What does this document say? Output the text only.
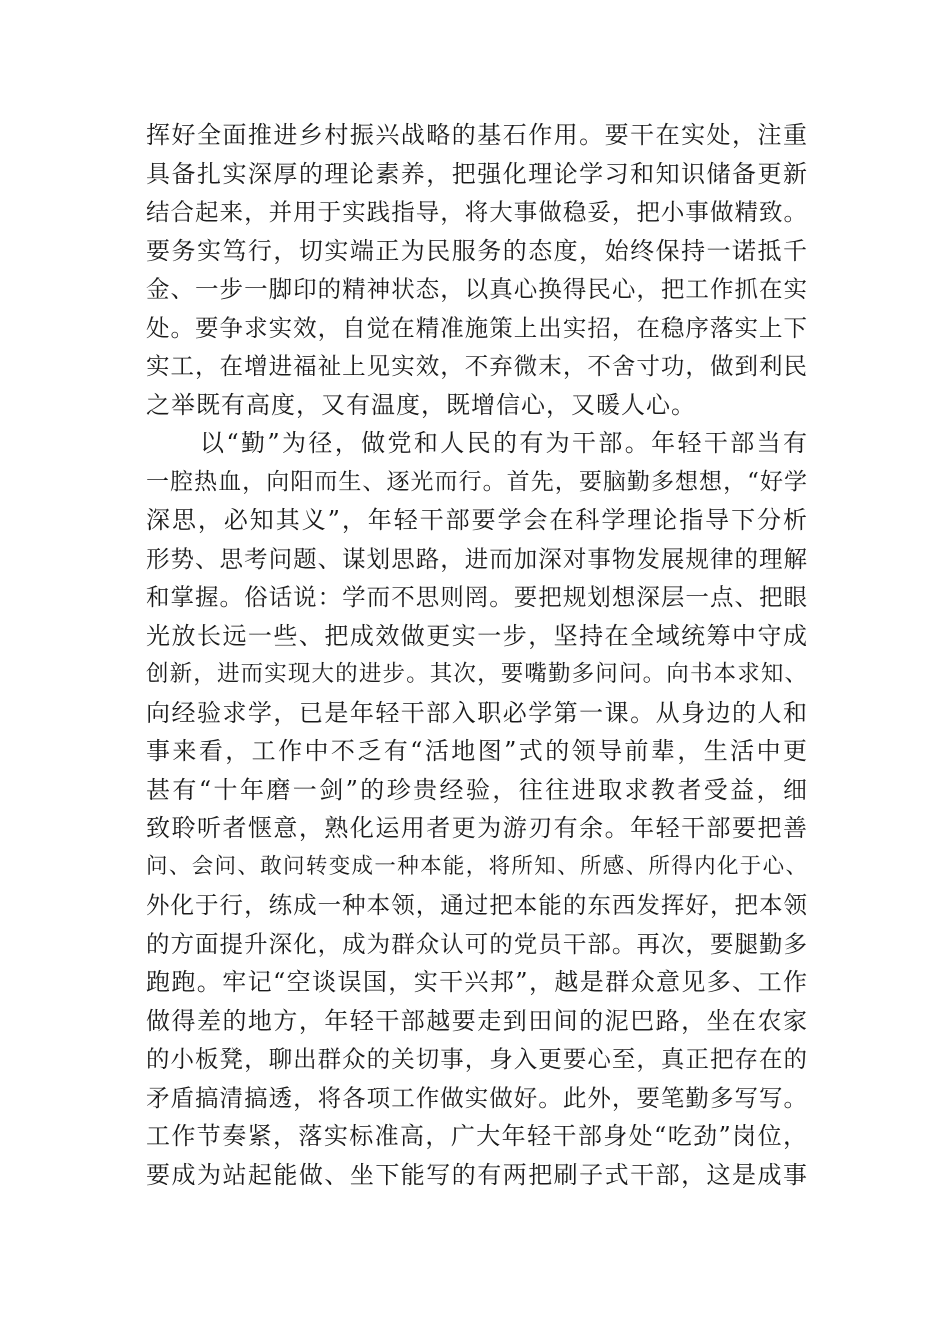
挥好全面推进乡村振兴战略的基石作用。要干在实处，注重
具备扎实深厚的理论素养，把强化理论学习和知识储备更新
结合起来，并用于实践指导，将大事做稳妥，把小事做精致。
要务实笃行，切实端正为民服务的态度，始终保持一诺抵千
金、一步一脚印的精神状态，以真心换得民心，把工作抓在实
处。要争求实效，自觉在精准施策上出实招，在稳序落实上下
实工，在增进福祉上见实效，不弃微末，不舍寸功，做到利民
之举既有高度，又有温度，既增信心，又暖人心。
以“勤”为径，做党和人民的有为干部。年轻干部当有
一腔热血，向阳而生、逐光而行。首先，要脑勤多想想，“好学
深思，必知其义”，年轻干部要学会在科学理论指导下分析
形势、思考问题、谋划思路，进而加深对事物发展规律的理解
和掌握。俗话说：学而不思则罔。要把规划想深层一点、把眼
光放长远一些、把成效做更实一步，坚持在全域统筹中守成
创新，进而实现大的进步。其次，要嘴勤多问问。向书本求知、
向经验求学，已是年轻干部入职必学第一课。从身边的人和
事来看，工作中不乏有“活地图”式的领导前辈，生活中更
甚有“十年磨一剑”的珍贵经验，往往进取求教者受益，细
致聆听者惬意，熟化运用者更为游刃有余。年轻干部要把善
问、会问、敢问转变成一种本能，将所知、所感、所得内化于心、
外化于行，练成一种本领，通过把本能的东西发挥好，把本领
的方面提升深化，成为群众认可的党员干部。再次，要腿勤多
跑跑。牢记“空谈误国，实干兴邦”，越是群众意见多、工作
做得差的地方，年轻干部越要走到田间的泥巴路，坐在农家
的小板凳，聊出群众的关切事，身入更要心至，真正把存在的
矛盾搞清搞透，将各项工作做实做好。此外，要笔勤多写写。
工作节奏紧，落实标准高，广大年轻干部身处“吃劲”岗位，
要成为站起能做、坐下能写的有两把刷子式干部，这是成事
